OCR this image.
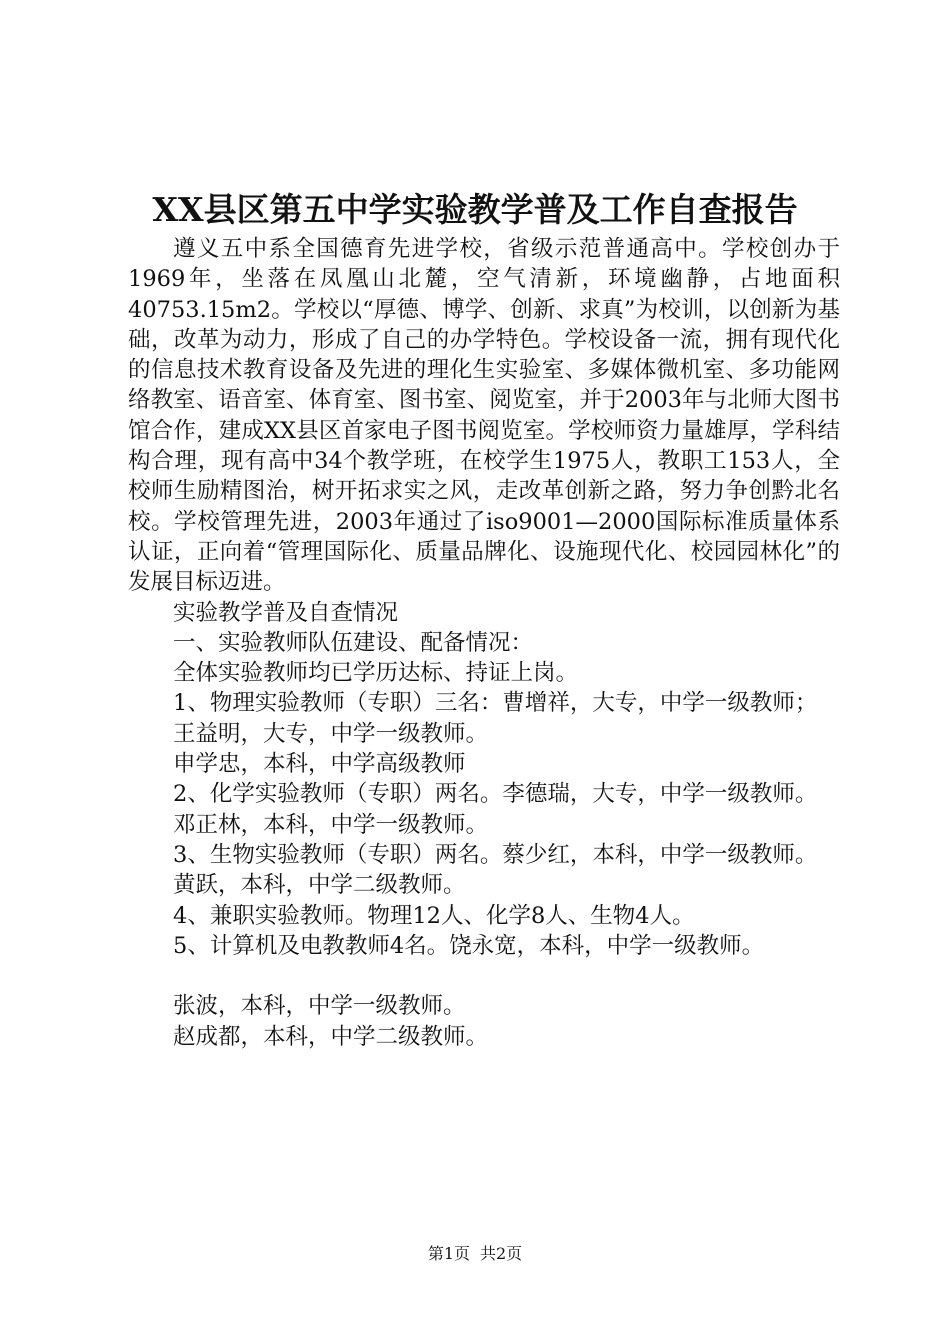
XX县区第五中学实验教学普及工作自查报告

遵义五中系全国德育先进学校，省级示范普通高中。学校创办于1969年，坐落在凤凰山北麓，空气清新，环境幽静，占地面积40753.15m2。学校以“厚德、博学、创新、求真”为校训，以创新为基础，改革为动力，形成了自己的办学特色。学校设备一流，拥有现代化的信息技术教育设备及先进的理化生实验室、多媒体微机室、多功能网络教室、语音室、体育室、图书室、阅览室，并于2003年与北师大图书馆合作，建成XX县区首家电子图书阅览室。学校师资力量雄厚，学科结构合理，现有高中34个教学班，在校学生1975人，教职工153人，全校师生励精图治，树开拓求实之风，走改革创新之路，努力争创黔北名校。学校管理先进，2003年通过了iso9001—2000国际标准质量体系认证，正向着“管理国际化、质量品牌化、设施现代化、校园园林化”的发展目标迈进。

实验教学普及自查情况

一、实验教师队伍建设、配备情况：

全体实验教师均已学历达标、持证上岗。

1、物理实验教师（专职）三名：曹增祥，大专，中学一级教师；

王益明，大专，中学一级教师。

申学忠，本科，中学高级教师

2、化学实验教师（专职）两名。李德瑞，大专，中学一级教师。

邓正林，本科，中学一级教师。

3、生物实验教师（专职）两名。蔡少红，本科，中学一级教师。

黄跃，本科，中学二级教师。

4、兼职实验教师。物理12人、化学8人、生物4人。

5、计算机及电教教师4名。饶永宽，本科，中学一级教师。

张波，本科，中学一级教师。

赵成都，本科，中学二级教师。

第1页 共2页
